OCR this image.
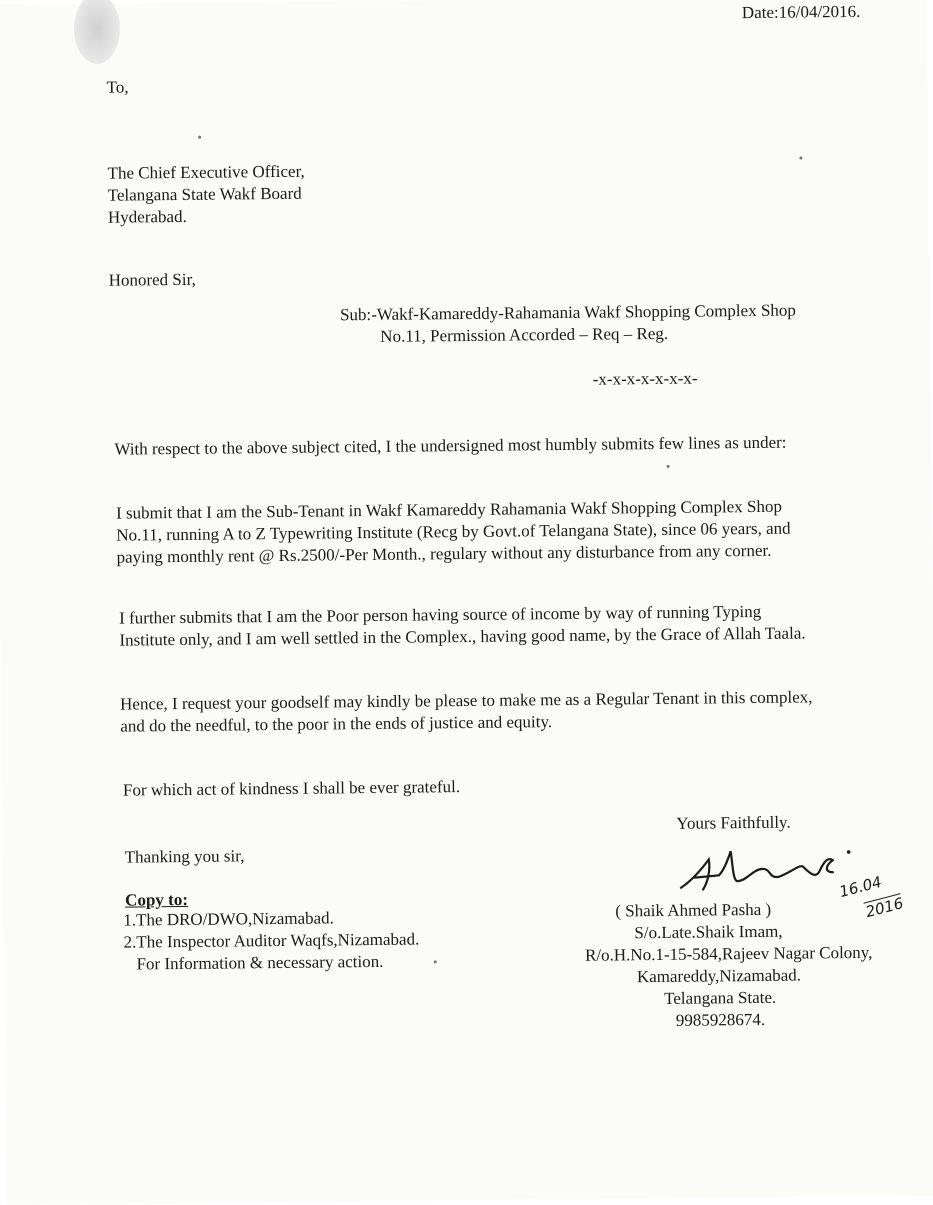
Date:16/04/2016.
To,
The Chief Executive Officer,
Telangana State Wakf Board
Hyderabad.
Honored Sir,
Sub:-Wakf-Kamareddy-Rahamania Wakf Shopping Complex Shop
No.11, Permission Accorded – Req – Reg.
-x-x-x-x-x-x-x-
With respect to the above subject cited, I the undersigned most humbly submits few lines as under:
I submit that I am the Sub-Tenant in Wakf Kamareddy Rahamania Wakf Shopping Complex Shop
No.11, running A to Z Typewriting Institute (Recg by Govt.of Telangana State), since 06 years, and
paying monthly rent @ Rs.2500/-Per Month., regulary without any disturbance from any corner.
I further submits that I am the Poor person having source of income by way of running Typing
Institute only, and I am well settled in the Complex., having good name, by the Grace of Allah Taala.
Hence, I request your goodself may kindly be please to make me as a Regular Tenant in this complex,
and do the needful, to the poor in the ends of justice and equity.
For which act of kindness I shall be ever grateful.
Yours Faithfully.
Thanking you sir,
Copy to:
1.The DRO/DWO,Nizamabad.
2.The Inspector Auditor Waqfs,Nizamabad.
For Information & necessary action.
16.04
2016
( Shaik Ahmed Pasha )
S/o.Late.Shaik Imam,
R/o.H.No.1-15-584,Rajeev Nagar Colony,
Kamareddy,Nizamabad.
Telangana State.
9985928674.
